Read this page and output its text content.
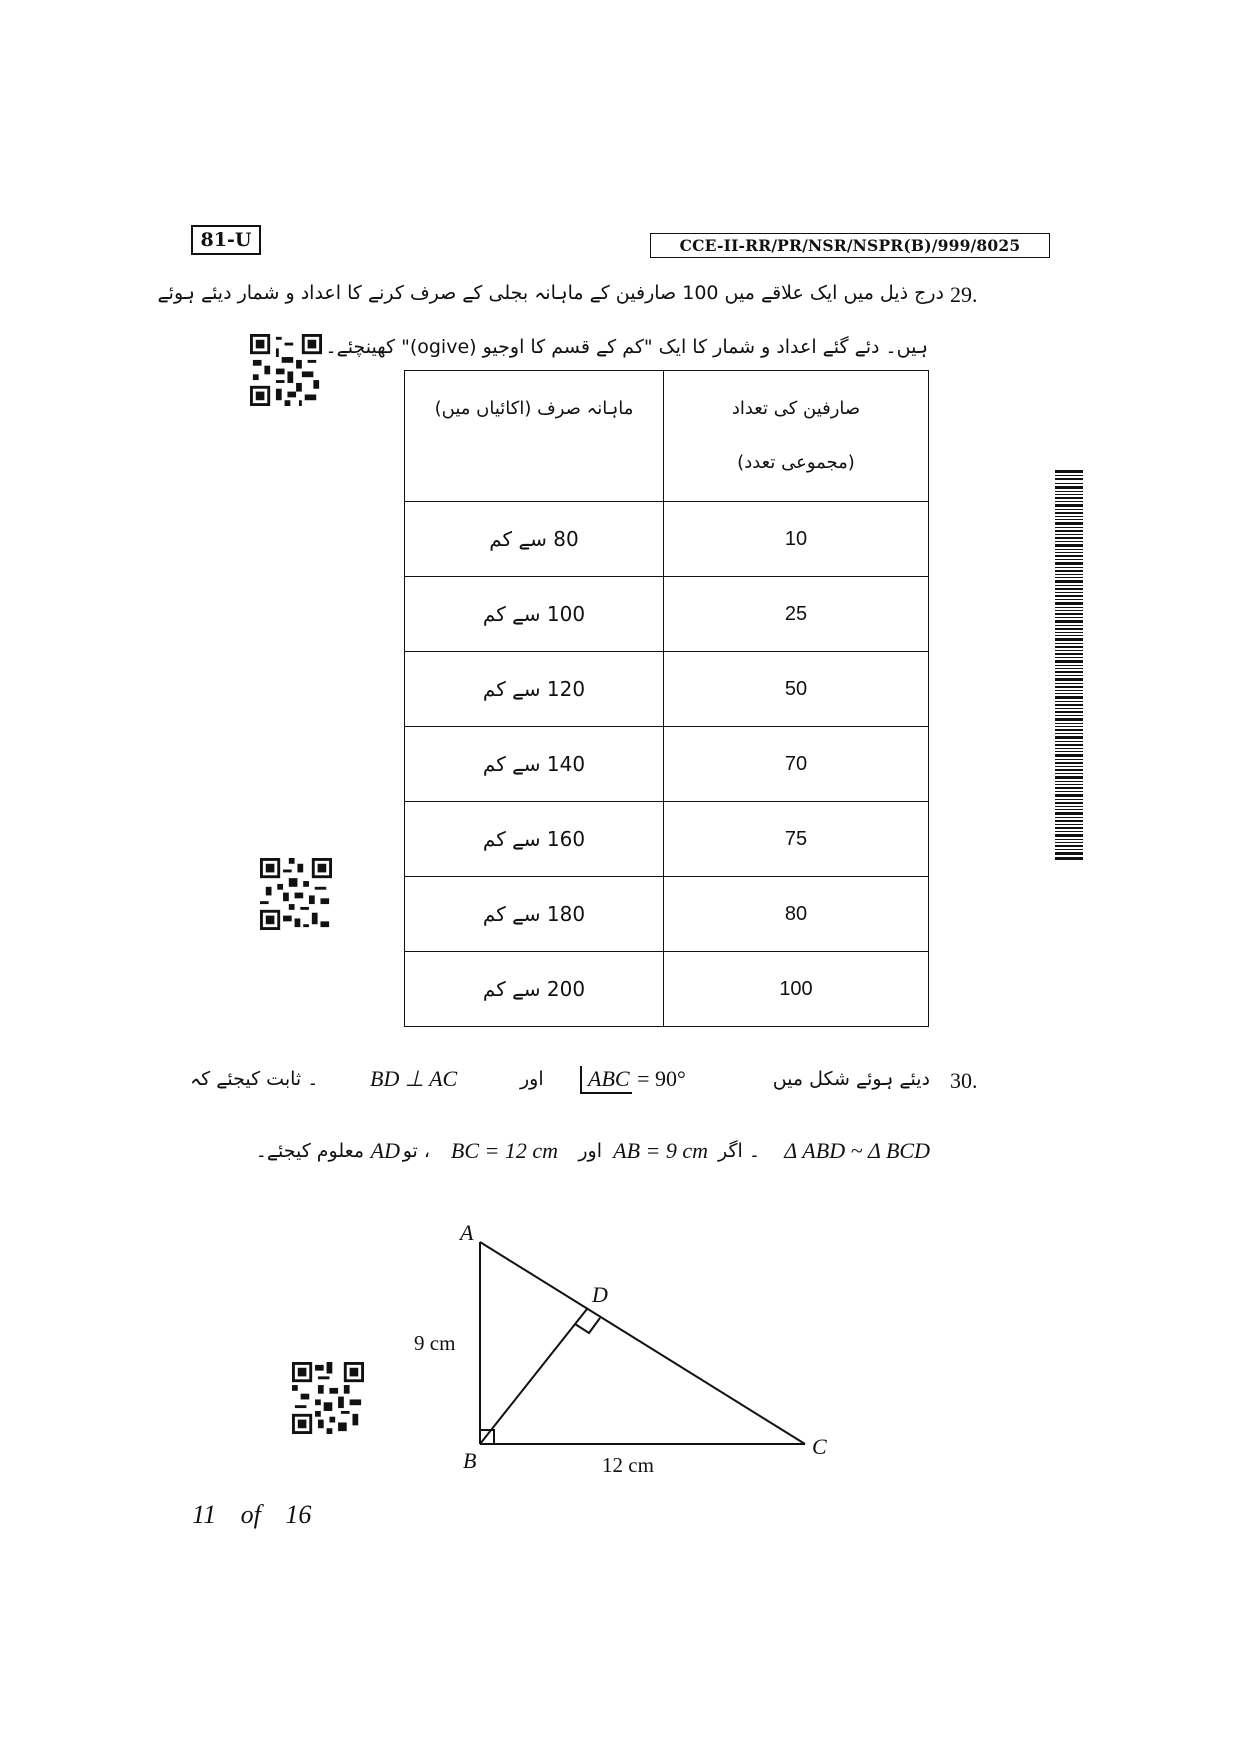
81-U	CCE-II-RR/PR/NSR/NSPR(B)/999/8025
29.
درج ذیل میں ایک علاقے میں 100 صارفین کے ماہانہ بجلی کے صرف کرنے کا اعداد و شمار دیئے ہوئے
ہیں۔ دئے گئے اعداد و شمار کا ایک "کم کے قسم کا اوجیو (ogive)" کھینچئے۔
ماہانہ صرف (اکائیاں میں)	صارفین کی تعداد
(مجموعی تعدد)

80 سے کم	10
100 سے کم	25
120 سے کم	50
140 سے کم	70
160 سے کم	75
180 سے کم	80
200 سے کم	100
30.
دیئے ہوئے شکل میں
ABC = 90°
اور
BD ⊥ AC
۔ ثابت کیجئے کہ
Δ ABD ~ Δ BCD
۔ اگر
AB = 9 cm
اور
BC = 12 cm
، تو
AD
معلوم کیجئے۔
A
B
C
D
9 cm
12 cm
11 of 16
